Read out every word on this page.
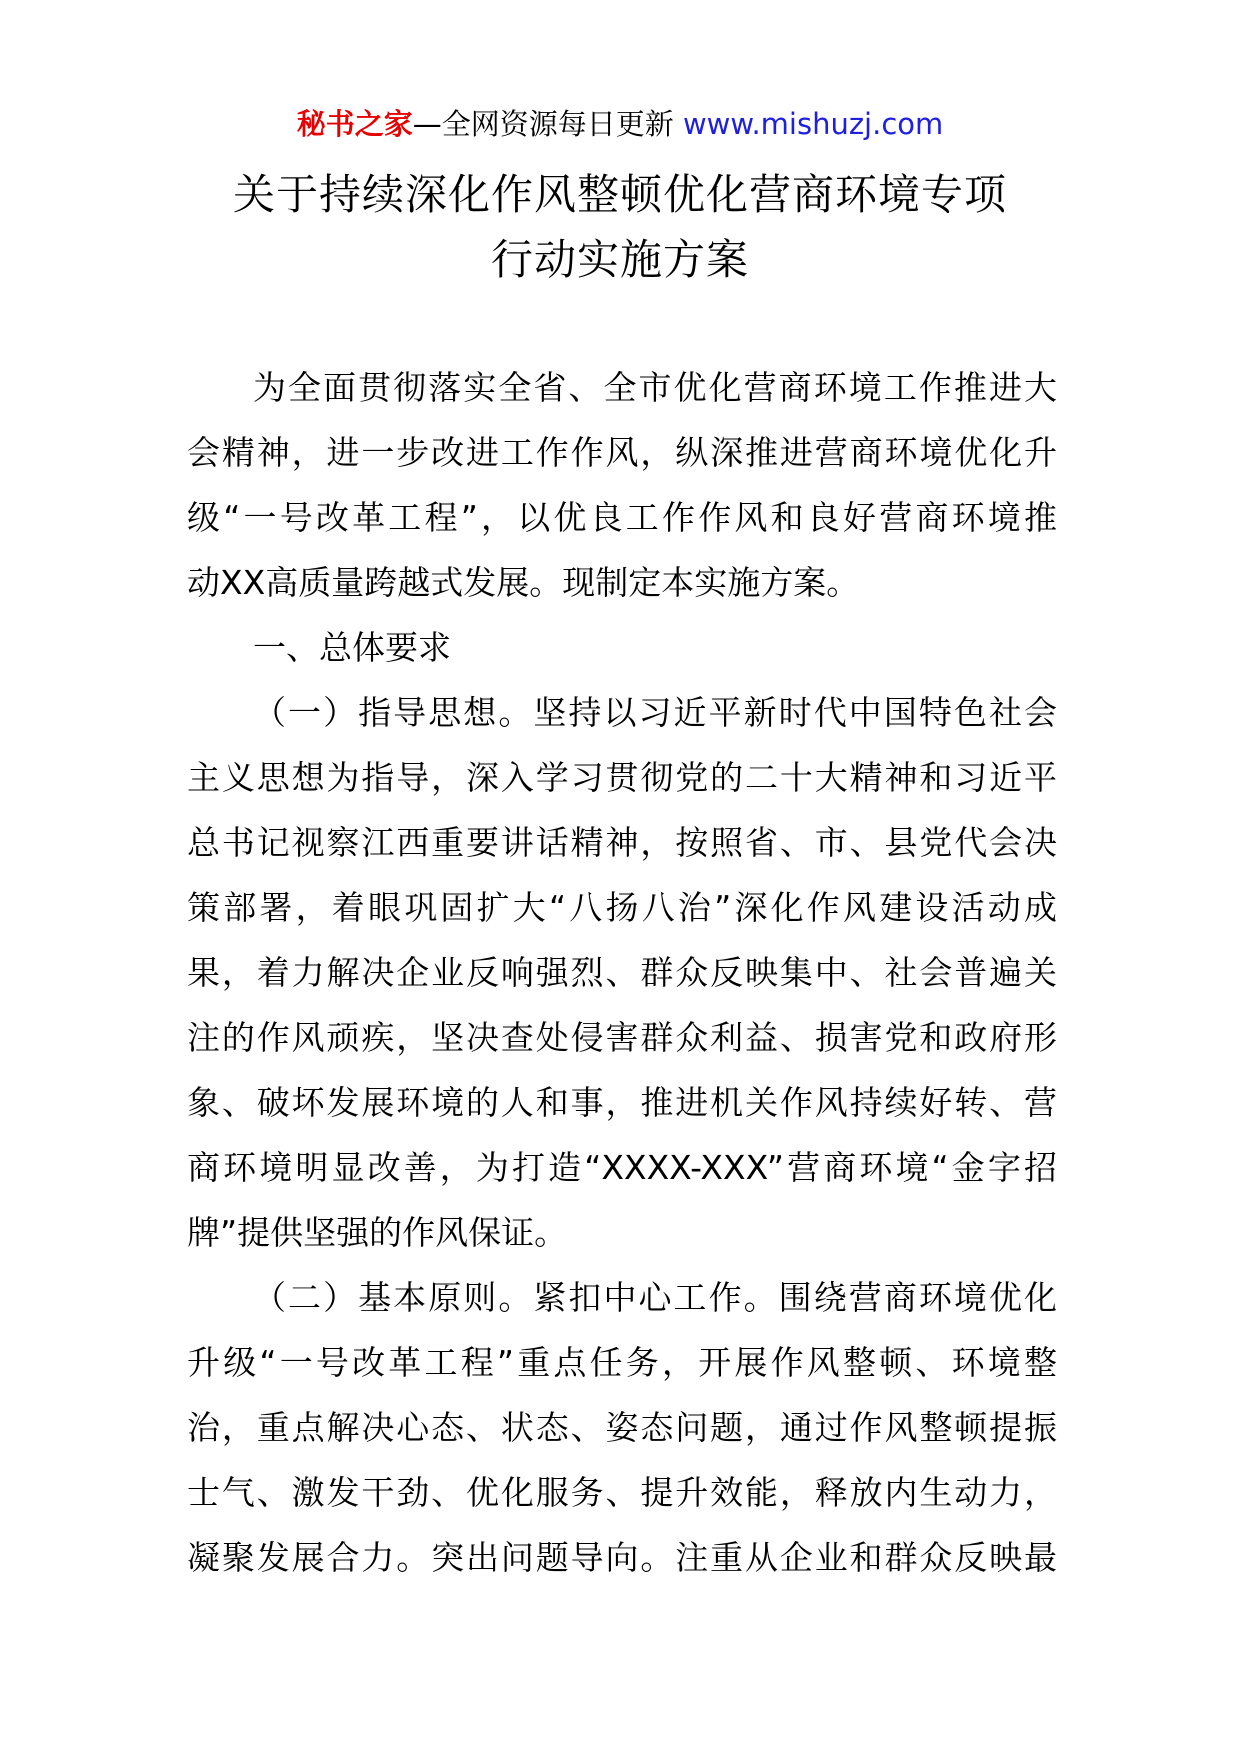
秘书之家—全网资源每日更新 www.mishuzj.com
关于持续深化作风整顿优化营商环境专项
行动实施方案
为全面贯彻落实全省、全市优化营商环境工作推进大
会精神，进一步改进工作作风，纵深推进营商环境优化升
级“一号改革工程”，以优良工作作风和良好营商环境推
动XX高质量跨越式发展。现制定本实施方案。
一、总体要求
（一）指导思想。坚持以习近平新时代中国特色社会
主义思想为指导，深入学习贯彻党的二十大精神和习近平
总书记视察江西重要讲话精神，按照省、市、县党代会决
策部署，着眼巩固扩大“八扬八治”深化作风建设活动成
果，着力解决企业反响强烈、群众反映集中、社会普遍关
注的作风顽疾，坚决查处侵害群众利益、损害党和政府形
象、破坏发展环境的人和事，推进机关作风持续好转、营
商环境明显改善，为打造“XXXX-XXX”营商环境“金字招
牌”提供坚强的作风保证。
（二）基本原则。紧扣中心工作。围绕营商环境优化
升级“一号改革工程”重点任务，开展作风整顿、环境整
治，重点解决心态、状态、姿态问题，通过作风整顿提振
士气、激发干劲、优化服务、提升效能，释放内生动力，
凝聚发展合力。突出问题导向。注重从企业和群众反映最
